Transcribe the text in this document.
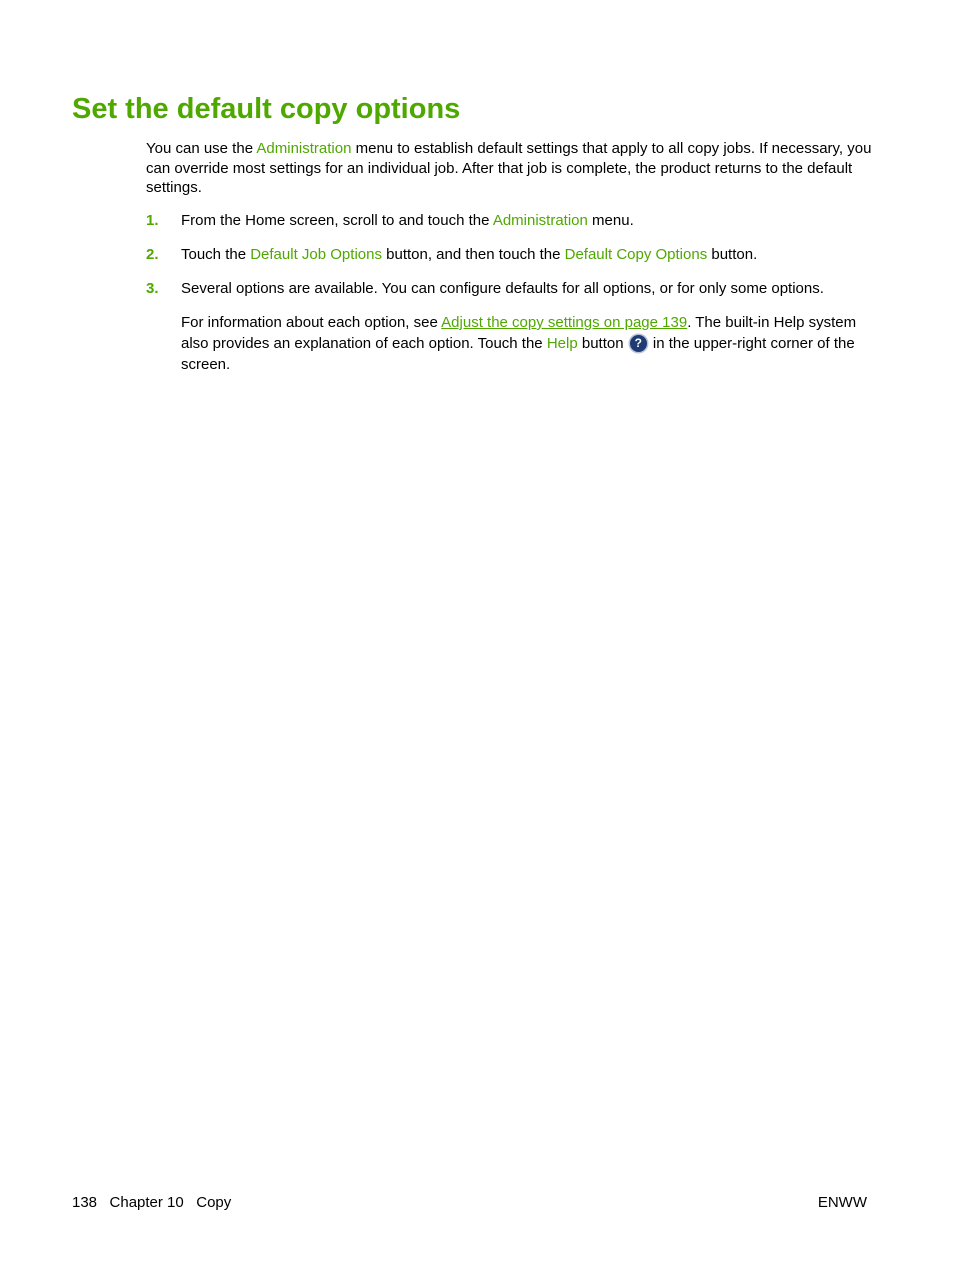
Set the default copy options

You can use the Administration menu to establish default settings that apply to all copy jobs. If necessary, you can override most settings for an individual job. After that job is complete, the product returns to the default settings.

1. From the Home screen, scroll to and touch the Administration menu.
2. Touch the Default Job Options button, and then touch the Default Copy Options button.
3. Several options are available. You can configure defaults for all options, or for only some options.
For information about each option, see Adjust the copy settings on page 139. The built-in Help system also provides an explanation of each option. Touch the Help button ? in the upper-right corner of the screen.
138   Chapter 10   Copy	ENWW
